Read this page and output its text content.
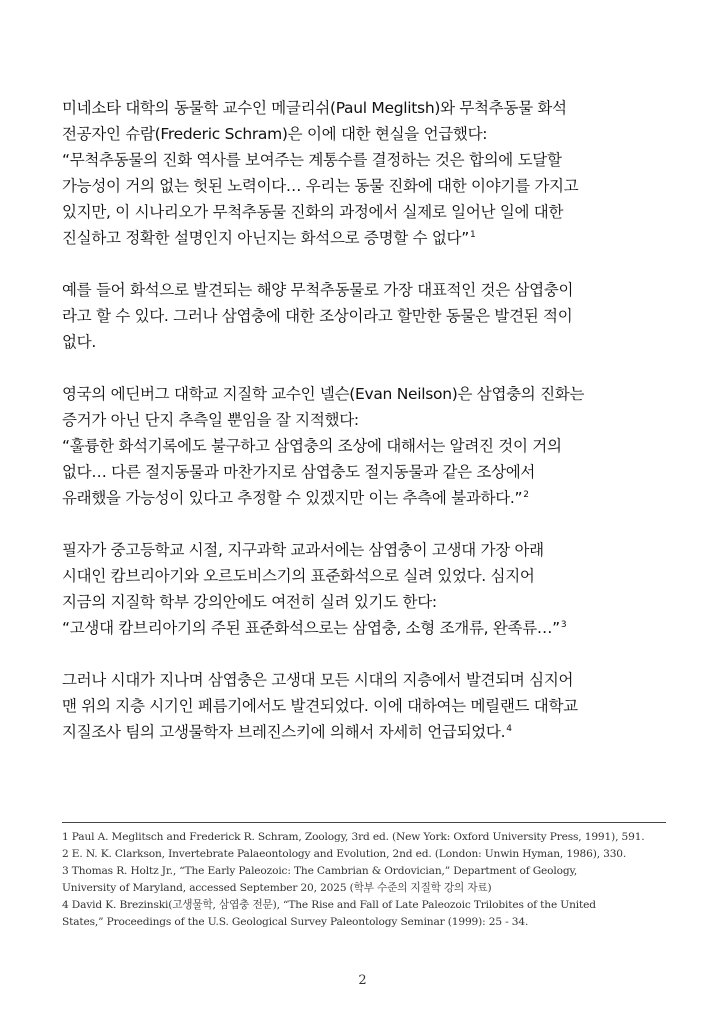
미네소타 대학의 동물학 교수인 메글리쉬(Paul Meglitsh)와 무척추동물 화석

전공자인 슈람(Frederic Schram)은 이에 대한 현실을 언급했다:

“무척추동물의 진화 역사를 보여주는 계통수를 결정하는 것은 합의에 도달할

가능성이 거의 없는 헛된 노력이다… 우리는 동물 진화에 대한 이야기를 가지고

있지만, 이 시나리오가 무척추동물 진화의 과정에서 실제로 일어난 일에 대한

진실하고 정확한 설명인지 아닌지는 화석으로 증명할 수 없다”$^1$

예를 들어 화석으로 발견되는 해양 무척추동물로 가장 대표적인 것은 삼엽충이

라고 할 수 있다. 그러나 삼엽충에 대한 조상이라고 할만한 동물은 발견된 적이

없다.

영국의 에딘버그 대학교 지질학 교수인 넬슨(Evan Neilson)은 삼엽충의 진화는

증거가 아닌 단지 추측일 뿐임을 잘 지적했다:

“훌륭한 화석기록에도 불구하고 삼엽충의 조상에 대해서는 알려진 것이 거의

없다… 다른 절지동물과 마찬가지로 삼엽충도 절지동물과 같은 조상에서

유래했을 가능성이 있다고 추정할 수 있겠지만 이는 추측에 불과하다.”$^2$

필자가 중고등학교 시절, 지구과학 교과서에는 삼엽충이 고생대 가장 아래

시대인 캄브리아기와 오르도비스기의 표준화석으로 실려 있었다. 심지어

지금의 지질학 학부 강의안에도 여전히 실려 있기도 한다:

“고생대 캄브리아기의 주된 표준화석으로는 삼엽충, 소형 조개류, 완족류…”$^3$

그러나 시대가 지나며 삼엽충은 고생대 모든 시대의 지층에서 발견되며 심지어

맨 위의 지층 시기인 페름기에서도 발견되었다. 이에 대하여는 메릴랜드 대학교

지질조사 팀의 고생물학자 브레진스키에 의해서 자세히 언급되었다.$^4$

1 Paul A. Meglitsch and Frederick R. Schram, Zoology, 3rd ed. (New York: Oxford University Press, 1991), 591.

2 E. N. K. Clarkson, Invertebrate Palaeontology and Evolution, 2nd ed. (London: Unwin Hyman, 1986), 330.

3 Thomas R. Holtz Jr., “The Early Paleozoic: The Cambrian & Ordovician,” Department of Geology,

University of Maryland, accessed September 20, 2025 (학부 수준의 지질학 강의 자료)

4 David K. Brezinski(고생물학, 삼엽충 전문), “The Rise and Fall of Late Paleozoic Trilobites of the United

States,” Proceedings of the U.S. Geological Survey Paleontology Seminar (1999): 25 - 34.

2
